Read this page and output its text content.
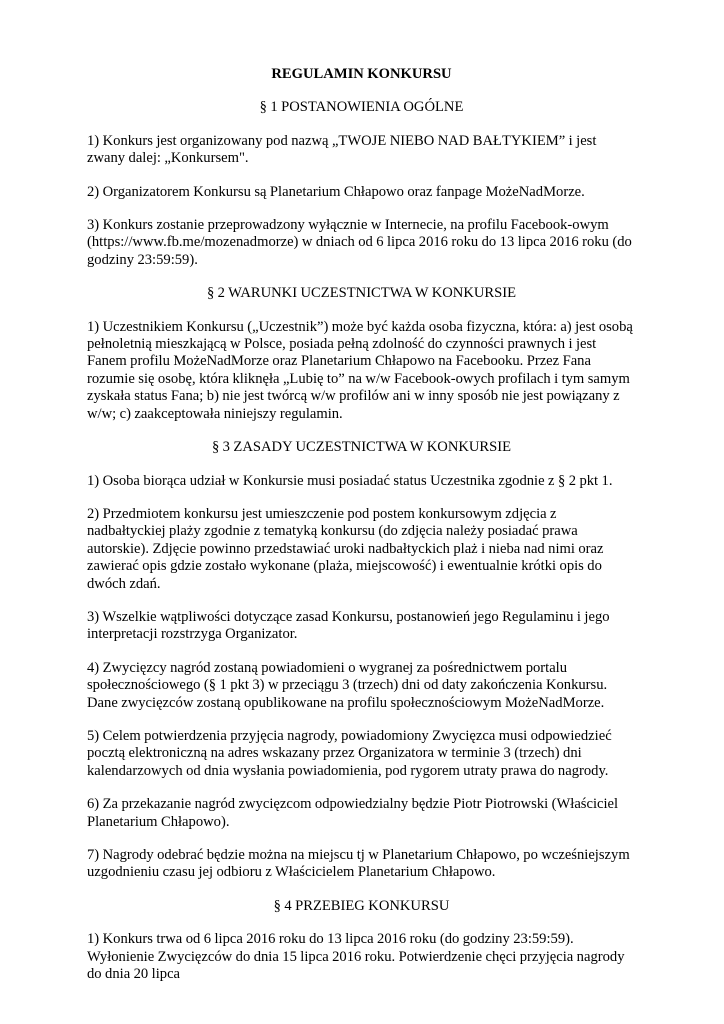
REGULAMIN KONKURSU
§ 1 POSTANOWIENIA OGÓLNE

1) Konkurs jest organizowany pod nazwą „TWOJE NIEBO NAD BAŁTYKIEM” i jest zwany dalej: „Konkursem".

2) Organizatorem Konkursu są Planetarium Chłapowo oraz fanpage MożeNadMorze.

3) Konkurs zostanie przeprowadzony wyłącznie w Internecie, na profilu Facebook-owym (https://www.fb.me/mozenadmorze) w dniach od 6 lipca 2016 roku do 13 lipca 2016 roku (do godziny 23:59:59).

§ 2 WARUNKI UCZESTNICTWA W KONKURSIE

1) Uczestnikiem Konkursu („Uczestnik”) może być każda osoba fizyczna, która: a) jest osobą pełnoletnią mieszkającą w Polsce, posiada pełną zdolność do czynności prawnych i jest Fanem profilu MożeNadMorze oraz Planetarium Chłapowo na Facebooku. Przez Fana rozumie się osobę, która kliknęła „Lubię to” na w/w Facebook-owych profilach i tym samym zyskała status Fana; b) nie jest twórcą w/w profilów ani w inny sposób nie jest powiązany z w/w; c) zaakceptowała niniejszy regulamin.

§ 3 ZASADY UCZESTNICTWA W KONKURSIE

1) Osoba biorąca udział w Konkursie musi posiadać status Uczestnika zgodnie z § 2 pkt 1.

2) Przedmiotem konkursu jest umieszczenie pod postem konkursowym zdjęcia z nadbałtyckiej plaży zgodnie z tematyką konkursu (do zdjęcia należy posiadać prawa autorskie). Zdjęcie powinno przedstawiać uroki nadbałtyckich plaż i nieba nad nimi oraz zawierać opis gdzie zostało wykonane (plaża, miejscowość) i ewentualnie krótki opis do dwóch zdań.

3) Wszelkie wątpliwości dotyczące zasad Konkursu, postanowień jego Regulaminu i jego interpretacji rozstrzyga Organizator.

4) Zwycięzcy nagród zostaną powiadomieni o wygranej za pośrednictwem portalu społecznościowego (§ 1 pkt 3) w przeciągu 3 (trzech) dni od daty zakończenia Konkursu. Dane zwycięzców zostaną opublikowane na profilu społecznościowym MożeNadMorze.

5) Celem potwierdzenia przyjęcia nagrody, powiadomiony Zwycięzca musi odpowiedzieć pocztą elektroniczną na adres wskazany przez Organizatora w terminie 3 (trzech) dni kalendarzowych od dnia wysłania powiadomienia, pod rygorem utraty prawa do nagrody.

6) Za przekazanie nagród zwycięzcom odpowiedzialny będzie Piotr Piotrowski (Właściciel Planetarium Chłapowo).

7) Nagrody odebrać będzie można na miejscu tj w Planetarium Chłapowo, po wcześniejszym uzgodnieniu czasu jej odbioru z Właścicielem Planetarium Chłapowo.

§ 4 PRZEBIEG KONKURSU

1) Konkurs trwa od 6 lipca 2016 roku do 13 lipca 2016 roku (do godziny 23:59:59). Wyłonienie Zwycięzców do dnia 15 lipca 2016 roku. Potwierdzenie chęci przyjęcia nagrody do dnia 20 lipca
